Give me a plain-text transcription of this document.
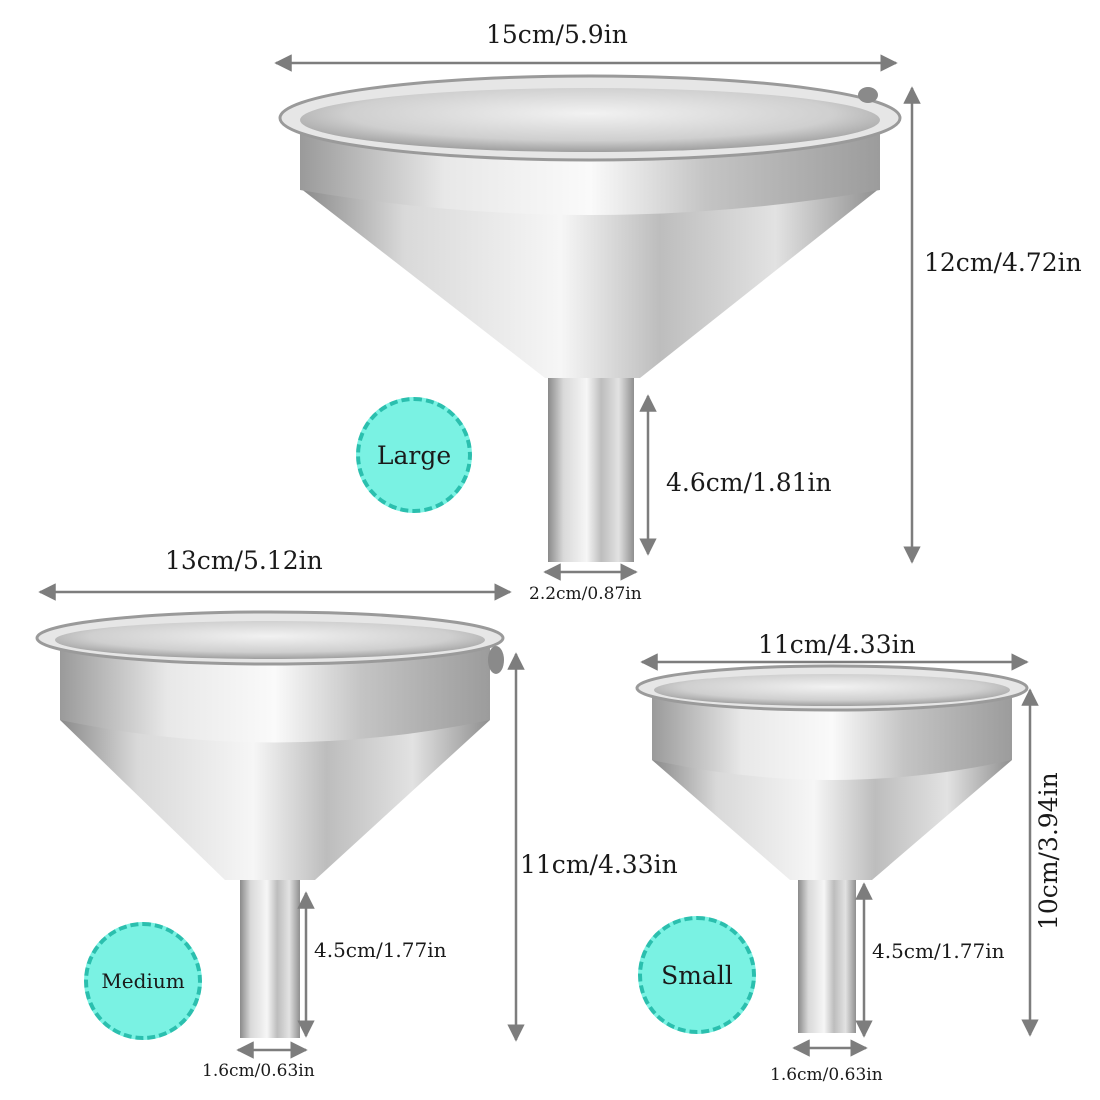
15cm/5.9in
12cm/4.72in
4.6cm/1.81in
2.2cm/0.87in
Large
13cm/5.12in
11cm/4.33in
4.5cm/1.77in
1.6cm/0.63in
Medium
11cm/4.33in
10cm/3.94in
4.5cm/1.77in
1.6cm/0.63in
Small
